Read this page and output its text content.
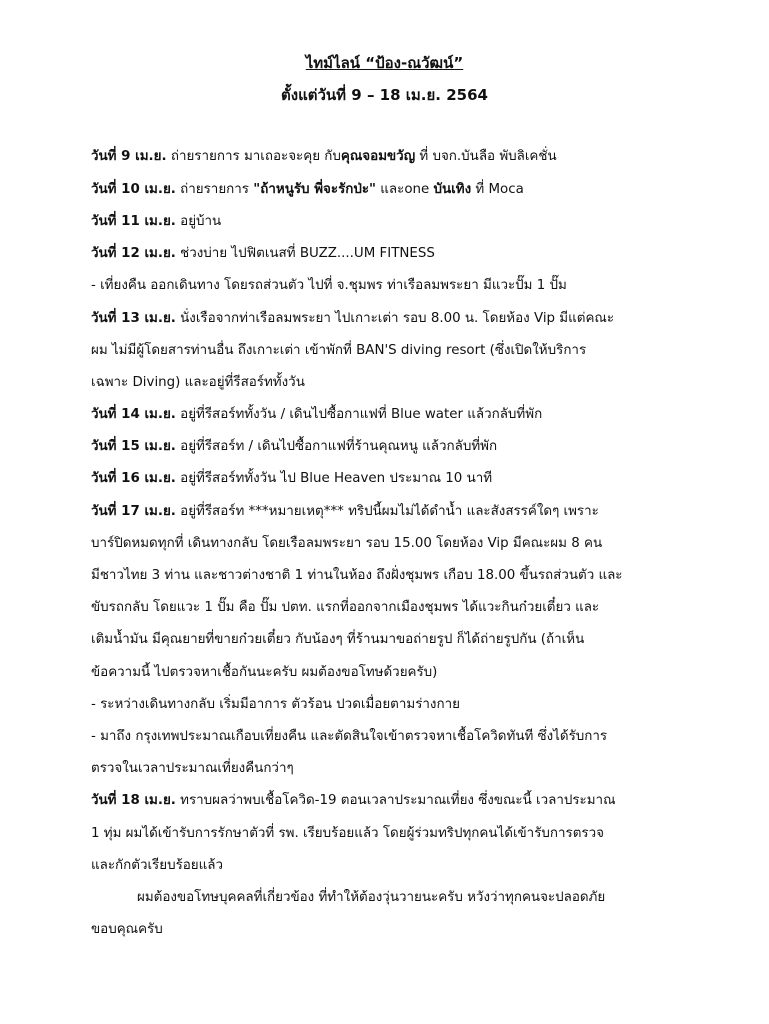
ไทม์ไลน์ “ป้อง-ณวัฒน์”
ตั้งแต่วันที่ 9 – 18 เม.ย. 2564
วันที่ 9 เม.ย. ถ่ายรายการ มาเถอะจะคุย กับคุณจอมขวัญ ที่ บจก.บันลือ พับลิเคชั่น
วันที่ 10 เม.ย. ถ่ายรายการ "ถ้าหนูรับ พี่จะรักป่ะ" และone บันเทิง ที่ Moca
วันที่ 11 เม.ย. อยู่บ้าน
วันที่ 12 เม.ย. ช่วงบ่าย ไปฟิตเนสที่ BUZZ....UM FITNESS
- เที่ยงคืน ออกเดินทาง โดยรถส่วนตัว ไปที่ จ.ชุมพร ท่าเรือลมพระยา มีแวะปั๊ม 1 ปั๊ม
วันที่ 13 เม.ย. นั่งเรือจากท่าเรือลมพระยา ไปเกาะเต่า รอบ 8.00 น. โดยห้อง Vip มีแต่คณะ
ผม ไม่มีผู้โดยสารท่านอื่น ถึงเกาะเต่า เข้าพักที่ BAN'S diving resort (ซึ่งเปิดให้บริการ
เฉพาะ Diving) และอยู่ที่รีสอร์ททั้งวัน
วันที่ 14 เม.ย. อยู่ที่รีสอร์ททั้งวัน / เดินไปซื้อกาแฟที่ Blue water แล้วกลับที่พัก
วันที่ 15 เม.ย. อยู่ที่รีสอร์ท / เดินไปซื้อกาแฟที่ร้านคุณหนู แล้วกลับที่พัก
วันที่ 16 เม.ย. อยู่ที่รีสอร์ททั้งวัน ไป Blue Heaven ประมาณ 10 นาที
วันที่ 17 เม.ย. อยู่ที่รีสอร์ท ***หมายเหตุ*** ทริปนี้ผมไม่ได้ดำน้ำ และสังสรรค์ใดๆ เพราะ
บาร์ปิดหมดทุกที่ เดินทางกลับ โดยเรือลมพระยา รอบ 15.00 โดยห้อง Vip มีคณะผม 8 คน
มีชาวไทย 3 ท่าน และชาวต่างชาติ 1 ท่านในห้อง ถึงฝั่งชุมพร เกือบ 18.00 ขึ้นรถส่วนตัว และ
ขับรถกลับ โดยแวะ 1 ปั๊ม คือ ปั๊ม ปตท. แรกที่ออกจากเมืองชุมพร ได้แวะกินก๋วยเตี๋ยว และ
เติมน้ำมัน มีคุณยายที่ขายก๋วยเตี๋ยว กับน้องๆ ที่ร้านมาขอถ่ายรูป ก็ได้ถ่ายรูปกัน (ถ้าเห็น
ข้อความนี้ ไปตรวจหาเชื้อกันนะครับ ผมต้องขอโทษด้วยครับ)
- ระหว่างเดินทางกลับ เริ่มมีอาการ ตัวร้อน ปวดเมื่อยตามร่างกาย
- มาถึง กรุงเทพประมาณเกือบเที่ยงคืน และตัดสินใจเข้าตรวจหาเชื้อโควิดทันที ซึ่งได้รับการ
ตรวจในเวลาประมาณเที่ยงคืนกว่าๆ
วันที่ 18 เม.ย. ทราบผลว่าพบเชื้อโควิด-19 ตอนเวลาประมาณเที่ยง ซึ่งขณะนี้ เวลาประมาณ
1 ทุ่ม ผมได้เข้ารับการรักษาตัวที่ รพ. เรียบร้อยแล้ว โดยผู้ร่วมทริปทุกคนได้เข้ารับการตรวจ
และกักตัวเรียบร้อยแล้ว
ผมต้องขอโทษบุคคลที่เกี่ยวข้อง ที่ทำให้ต้องวุ่นวายนะครับ หวังว่าทุกคนจะปลอดภัย
ขอบคุณครับ
